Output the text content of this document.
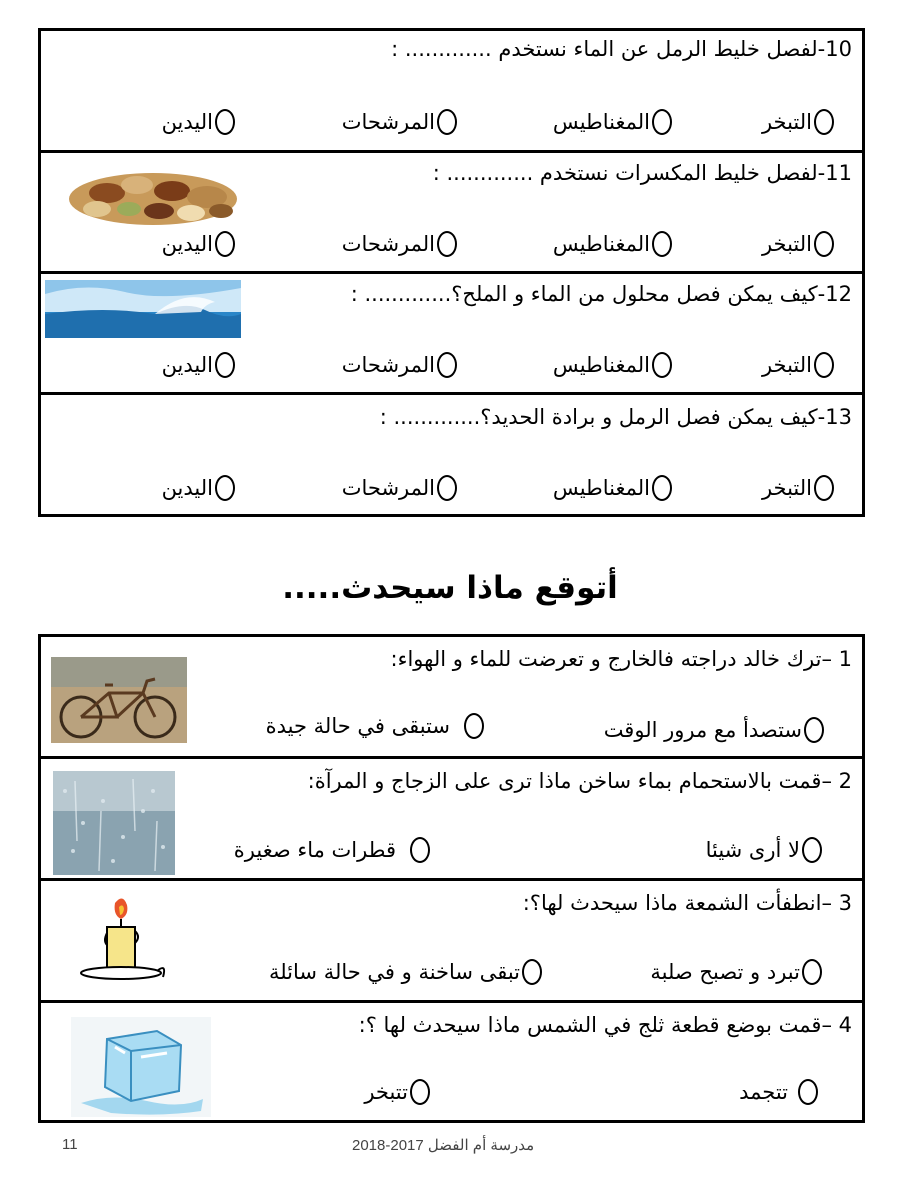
10-لفصل خليط الرمل عن الماء نستخدم ............. :
التبخر
المغناطيس
المرشحات
اليدين
11-لفصل خليط المكسرات نستخدم ............. :
التبخر
المغناطيس
المرشحات
اليدين
12-كيف يمكن فصل محلول من الماء و الملح؟............. :
التبخر
المغناطيس
المرشحات
اليدين
13-كيف يمكن فصل الرمل و برادة الحديد؟............. :
التبخر
المغناطيس
المرشحات
اليدين
أتوقع ماذا سيحدث.....
1 –ترك خالد دراجته فالخارج و تعرضت للماء و الهواء:
ستصدأ مع مرور الوقت
ستبقى في حالة جيدة
2 –قمت بالاستحمام بماء ساخن ماذا ترى على الزجاج و المرآة:
لا أرى شيئا
قطرات ماء صغيرة
3 –انطفأت الشمعة ماذا سيحدث لها؟:
تبرد و تصبح صلبة
تبقى ساخنة و في حالة سائلة
4 –قمت بوضع قطعة ثلج في الشمس ماذا سيحدث لها ؟:
تتجمد
تتبخر
11	مدرسة أم الفضل 2017-2018
